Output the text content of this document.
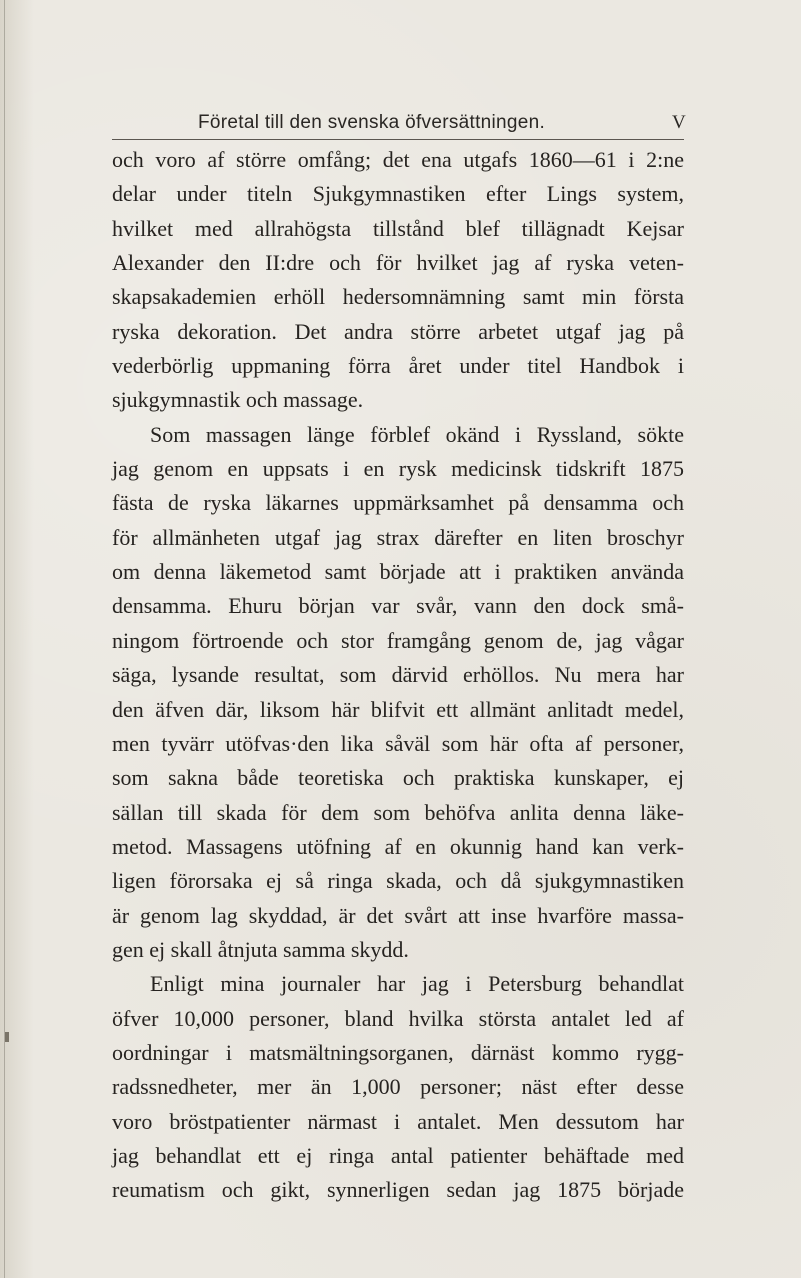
Företal till den svenska öfversättningen.	V
och voro af större omfång; det ena utgafs 1860—61 i 2:ne
delar under titeln Sjukgymnastiken efter Lings system,
hvilket med allrahögsta tillstånd blef tillägnadt Kejsar
Alexander den II:dre och för hvilket jag af ryska veten-
skapsakademien erhöll hedersomnämning samt min första
ryska dekoration. Det andra större arbetet utgaf jag på
vederbörlig uppmaning förra året under titel Handbok i
sjukgymnastik och massage.
Som massagen länge förblef okänd i Ryssland, sökte
jag genom en uppsats i en rysk medicinsk tidskrift 1875
fästa de ryska läkarnes uppmärksamhet på densamma och
för allmänheten utgaf jag strax därefter en liten broschyr
om denna läkemetod samt började att i praktiken använda
densamma. Ehuru början var svår, vann den dock små-
ningom förtroende och stor framgång genom de, jag vågar
säga, lysande resultat, som därvid erhöllos. Nu mera har
den äfven där, liksom här blifvit ett allmänt anlitadt medel,
men tyvärr utöfvas·den lika såväl som här ofta af personer,
som sakna både teoretiska och praktiska kunskaper, ej
sällan till skada för dem som behöfva anlita denna läke-
metod. Massagens utöfning af en okunnig hand kan verk-
ligen förorsaka ej så ringa skada, och då sjukgymnastiken
är genom lag skyddad, är det svårt att inse hvarföre massa-
gen ej skall åtnjuta samma skydd.
Enligt mina journaler har jag i Petersburg behandlat
öfver 10,000 personer, bland hvilka största antalet led af
oordningar i matsmältningsorganen, därnäst kommo rygg-
radssnedheter, mer än 1,000 personer; näst efter desse
voro bröstpatienter närmast i antalet. Men dessutom har
jag behandlat ett ej ringa antal patienter behäftade med
reumatism och gikt, synnerligen sedan jag 1875 började
